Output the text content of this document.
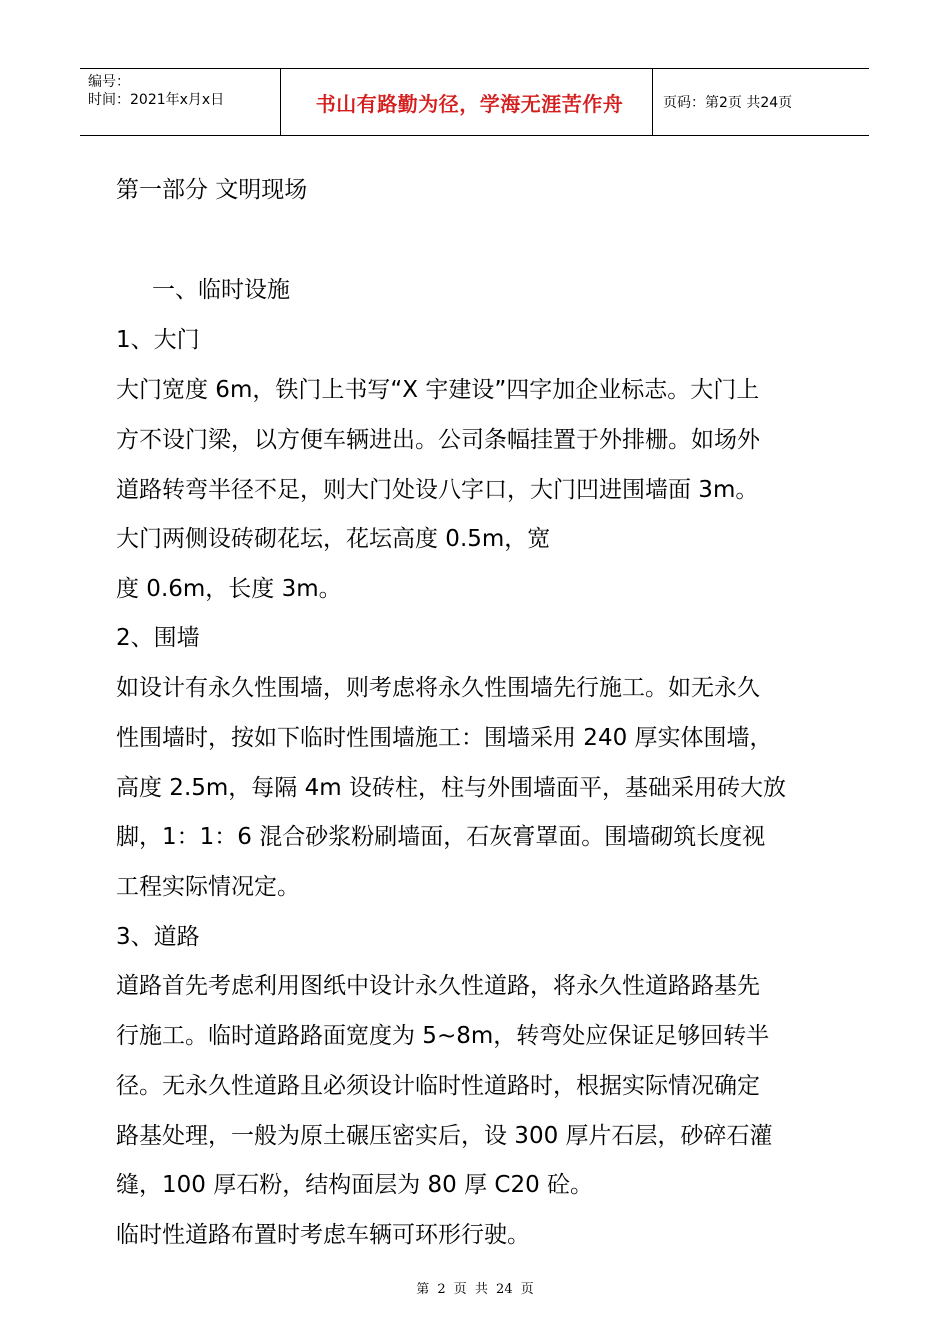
编号：
时间：2021年x月x日	书山有路勤为径，学海无涯苦作舟	页码：第2页 共24页
第一部分 文明现场
一、临时设施
1、大门
大门宽度 6m，铁门上书写“X 宇建设”四字加企业标志。大门上
方不设门梁，以方便车辆进出。公司条幅挂置于外排栅。如场外
道路转弯半径不足，则大门处设八字口，大门凹进围墙面 3m。
大门两侧设砖砌花坛，花坛高度 0.5m，宽
度 0.6m，长度 3m。
2、围墙
如设计有永久性围墙，则考虑将永久性围墙先行施工。如无永久
性围墙时，按如下临时性围墙施工：围墙采用 240 厚实体围墙，
高度 2.5m，每隔 4m 设砖柱，柱与外围墙面平，基础采用砖大放
脚，1：1：6 混合砂浆粉刷墙面，石灰膏罩面。围墙砌筑长度视
工程实际情况定。
3、道路
道路首先考虑利用图纸中设计永久性道路，将永久性道路路基先
行施工。临时道路路面宽度为 5~8m，转弯处应保证足够回转半
径。无永久性道路且必须设计临时性道路时，根据实际情况确定
路基处理，一般为原土碾压密实后，设 300 厚片石层，砂碎石灌
缝，100 厚石粉，结构面层为 80 厚 C20 砼。
临时性道路布置时考虑车辆可环形行驶。
第 2 页 共 24 页
